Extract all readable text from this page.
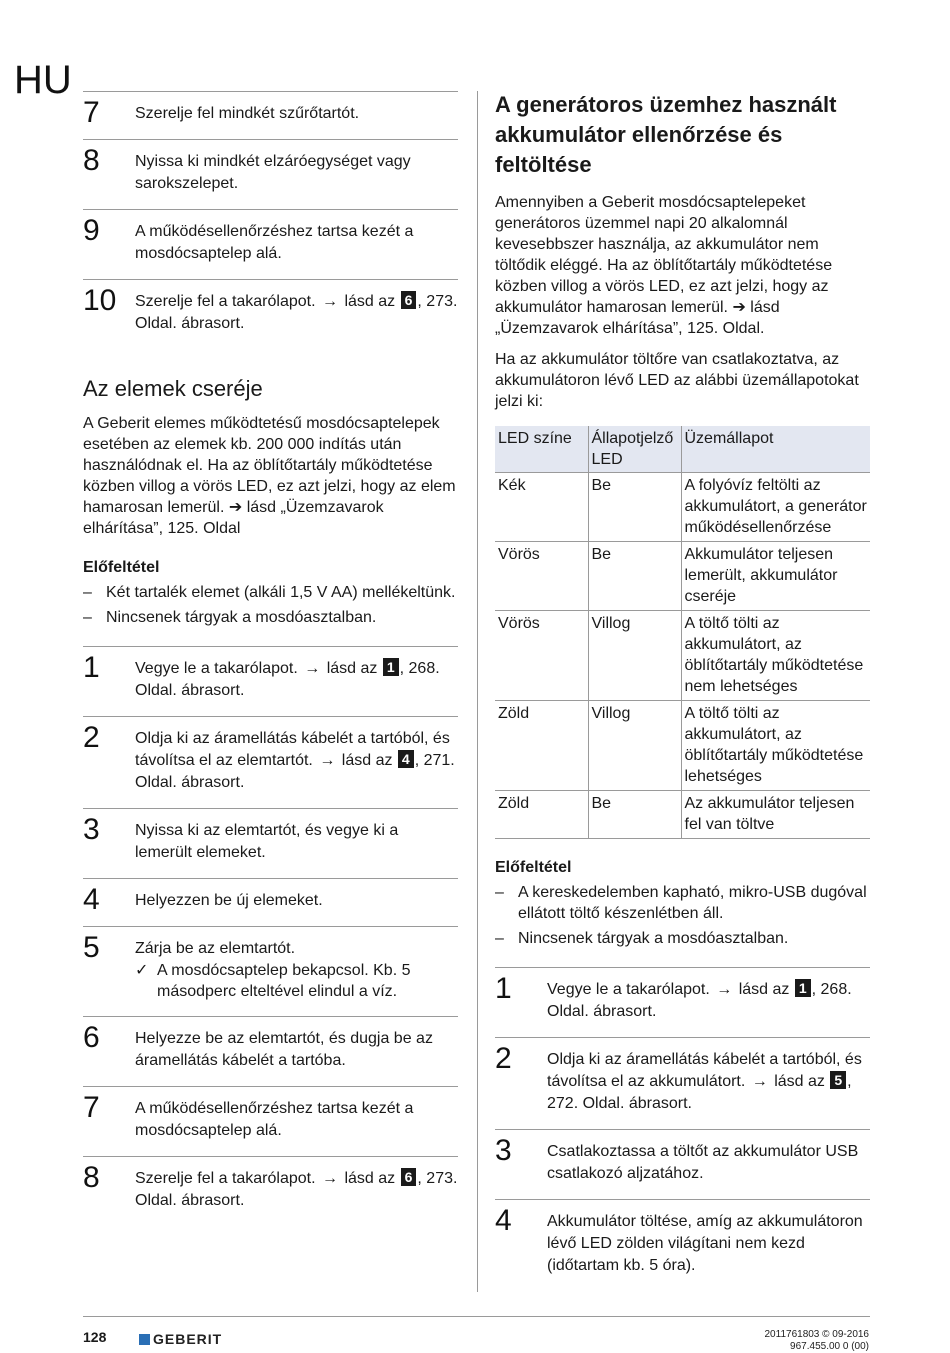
HU
7 Szerelje fel mindkét szűrőtartót.
8 Nyissa ki mindkét elzáróegységet vagy sarokszelepet.
9 A működésellenőrzéshez tartsa kezét a mosdócsaptelep alá.
10 Szerelje fel a takarólapot. → lásd az 6 , 273. Oldal. ábrasort.
Az elemek cseréje

A Geberit elemes működtetésű mosdócsaptelepek esetében az elemek kb. 200 000 indítás után használódnak el. Ha az öblítőtartály működtetése közben villog a vörös LED, ez azt jelzi, hogy az elem hamarosan lemerül. ➔ lásd „Üzemzavarok elhárítása”, 125. Oldal

Előfeltétel
– Két tartalék elemet (alkáli 1,5 V AA) mellékeltünk.
– Nincsenek tárgyak a mosdóasztalban.
1 Vegye le a takarólapot. → lásd az 1 , 268. Oldal. ábrasort.
2 Oldja ki az áramellátás kábelét a tartóból, és távolítsa el az elemtartót. → lásd az 4 , 271. Oldal. ábrasort.
3 Nyissa ki az elemtartót, és vegye ki a lemerült elemeket.
4 Helyezzen be új elemeket.
5 Zárja be az elemtartót.
✓ A mosdócsaptelep bekapcsol. Kb. 5 másodperc elteltével elindul a víz.
6 Helyezze be az elemtartót, és dugja be az áramellátás kábelét a tartóba.
7 A működésellenőrzéshez tartsa kezét a mosdócsaptelep alá.
8 Szerelje fel a takarólapot. → lásd az 6 , 273. Oldal. ábrasort.
A generátoros üzemhez használt akkumulátor ellenőrzése és feltöltése

Amennyiben a Geberit mosdócsaptelepeket generátoros üzemmel napi 20 alkalomnál kevesebbszer használja, az akkumulátor nem töltődik eléggé. Ha az öblítőtartály működtetése közben villog a vörös LED, ez azt jelzi, hogy az akkumulátor hamarosan lemerül. ➔ lásd „Üzemzavarok elhárítása”, 125. Oldal.

Ha az akkumulátor töltőre van csatlakoztatva, az akkumulátoron lévő LED az alábbi üzemállapotokat jelzi ki:

LED színe	Állapotjelző LED	Üzemállapot
Kék	Be	A folyóvíz feltölti az akkumulátort, a generátor működésellenőrzése
Vörös	Be	Akkumulátor teljesen lemerült, akkumulátor cseréje
Vörös	Villog	A töltő tölti az akkumulátort, az öblítőtartály működtetése nem lehetséges
Zöld	Villog	A töltő tölti az akkumulátort, az öblítőtartály működtetése lehetséges
Zöld	Be	Az akkumulátor teljesen fel van töltve
Előfeltétel
– A kereskedelemben kapható, mikro-USB dugóval ellátott töltő készenlétben áll.
– Nincsenek tárgyak a mosdóasztalban.
1 Vegye le a takarólapot. → lásd az 1 , 268. Oldal. ábrasort.
2 Oldja ki az áramellátás kábelét a tartóból, és távolítsa el az akkumulátort. → lásd az 5 , 272. Oldal. ábrasort.
3 Csatlakoztassa a töltőt az akkumulátor USB csatlakozó aljzatához.
4 Akkumulátor töltése, amíg az akkumulátoron lévő LED zölden világítani nem kezd (időtartam kb. 5 óra).
128	GEBERIT	2011761803 © 09-2016
967.455.00 0 (00)
